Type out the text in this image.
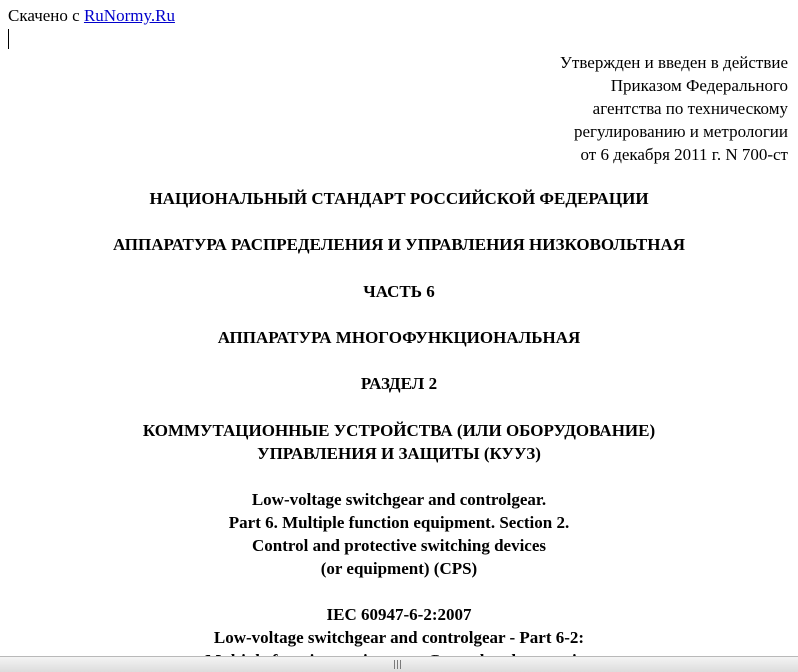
Скачено с RuNormy.Ru
Утвержден и введен в действие
Приказом Федерального
агентства по техническому
регулированию и метрологии
от 6 декабря 2011 г. N 700-ст
НАЦИОНАЛЬНЫЙ СТАНДАРТ РОССИЙСКОЙ ФЕДЕРАЦИИ
АППАРАТУРА РАСПРЕДЕЛЕНИЯ И УПРАВЛЕНИЯ НИЗКОВОЛЬТНАЯ
ЧАСТЬ 6
АППАРАТУРА МНОГОФУНКЦИОНАЛЬНАЯ
РАЗДЕЛ 2
КОММУТАЦИОННЫЕ УСТРОЙСТВА (ИЛИ ОБОРУДОВАНИЕ)
УПРАВЛЕНИЯ И ЗАЩИТЫ (КУУЗ)
Low-voltage switchgear and controlgear.
Part 6. Multiple function equipment. Section 2.
Control and protective switching devices
(or equipment) (CPS)
IEC 60947-6-2:2007
Low-voltage switchgear and controlgear - Part 6-2:
